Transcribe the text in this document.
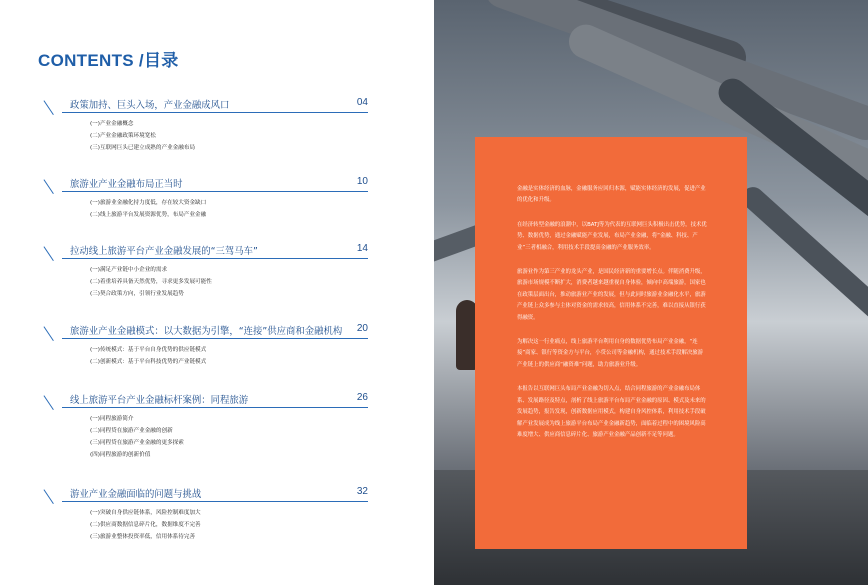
CONTENTS /目录
政策加持、巨头入场，产业金融成风口	04
(一)产业金融概念
(二)产业金融政策环境宽松
(三)互联网巨头已建立成熟的产业金融布局
旅游业产业金融布局正当时	10
(一)旅游业金融化持力度低，存在较大资金缺口
(二)线上旅游平台发展资源优势，布局产业金融
拉动线上旅游平台产业金融发展的“三驾马车”	14
(一)满足产业链中小企业的需求
(二)着重培养具备天然优势，寻求更多发展可能性
(三)契合政策方向，引领行业发展趋势
旅游业产业金融模式：以大数据为引擎，“连接”供应商和金融机构 20
(一)传统模式：基于平台自身优势的供应链模式
(二)创新模式：基于平台科技优势的产业链模式
线上旅游平台产业金融标杆案例：同程旅游	26
(一)同程旅游简介
(二)同程贷在旅游产业金融的创新
(三)同程贷在旅游产业金融的更多探索
(四)同程旅游的创新价值
游业产业金融面临的问题与挑战	32
(一)突破自身供应链体系，风险控制难度加大
(二)供应商数据信息碎片化，数据维度不完善
(三)旅游业整体投资率低，信用体系待完善

金融是实体经济的血脉，金融服务应回归本源，赋能实体经济的发展，促进产业的优化和升级。

在经济转型金融的浪潮中，以BATJ等为代表的互联网巨头积极出击优势，技术优势、数据优势，通过金融赋能产业发展，布局产业金融，将“金融、科技、产业”三者相融合，利用技术手段提高金融的产业服务效率。

旅游业作为第三产业的龙头产业，是国民经济新的重要增长点。伴随消费升级，旅游市场规模不断扩大，消费者越来越重视自身体验，倾向中高端旅游，国家也在政策层面出台，推动旅游业产业的发展，但与此同时旅游业金融化水平，旅游产业链上众多参与主体对资金的需求较高，信用体系不完善，难以直接从银行获得融资。

为解决这一行业痛点，线上旅游平台利用自身的数据优势布局产业金融，“连接”商家、银行等资金方与平台，小贷公司等金融机构，通过技术手段解决旅游产业链上的供应商“融资难”问题，助力旅游业升级。

本报告以互联网巨头布局产业金融为切入点，结合同程旅游的产业金融布局体系、发展路径及特点，剖析了线上旅游平台布局产业金融的原因、模式及未来的发展趋势，报告发现，创新数据应用模式，构建自身风控体系，利用技术手段破解产业发展成为线上旅游平台布局产业金融新趋势，面临着过程中的困境风险高难度增大、供应商信息碎片化、旅游产业金融产品创新不足等问题。
